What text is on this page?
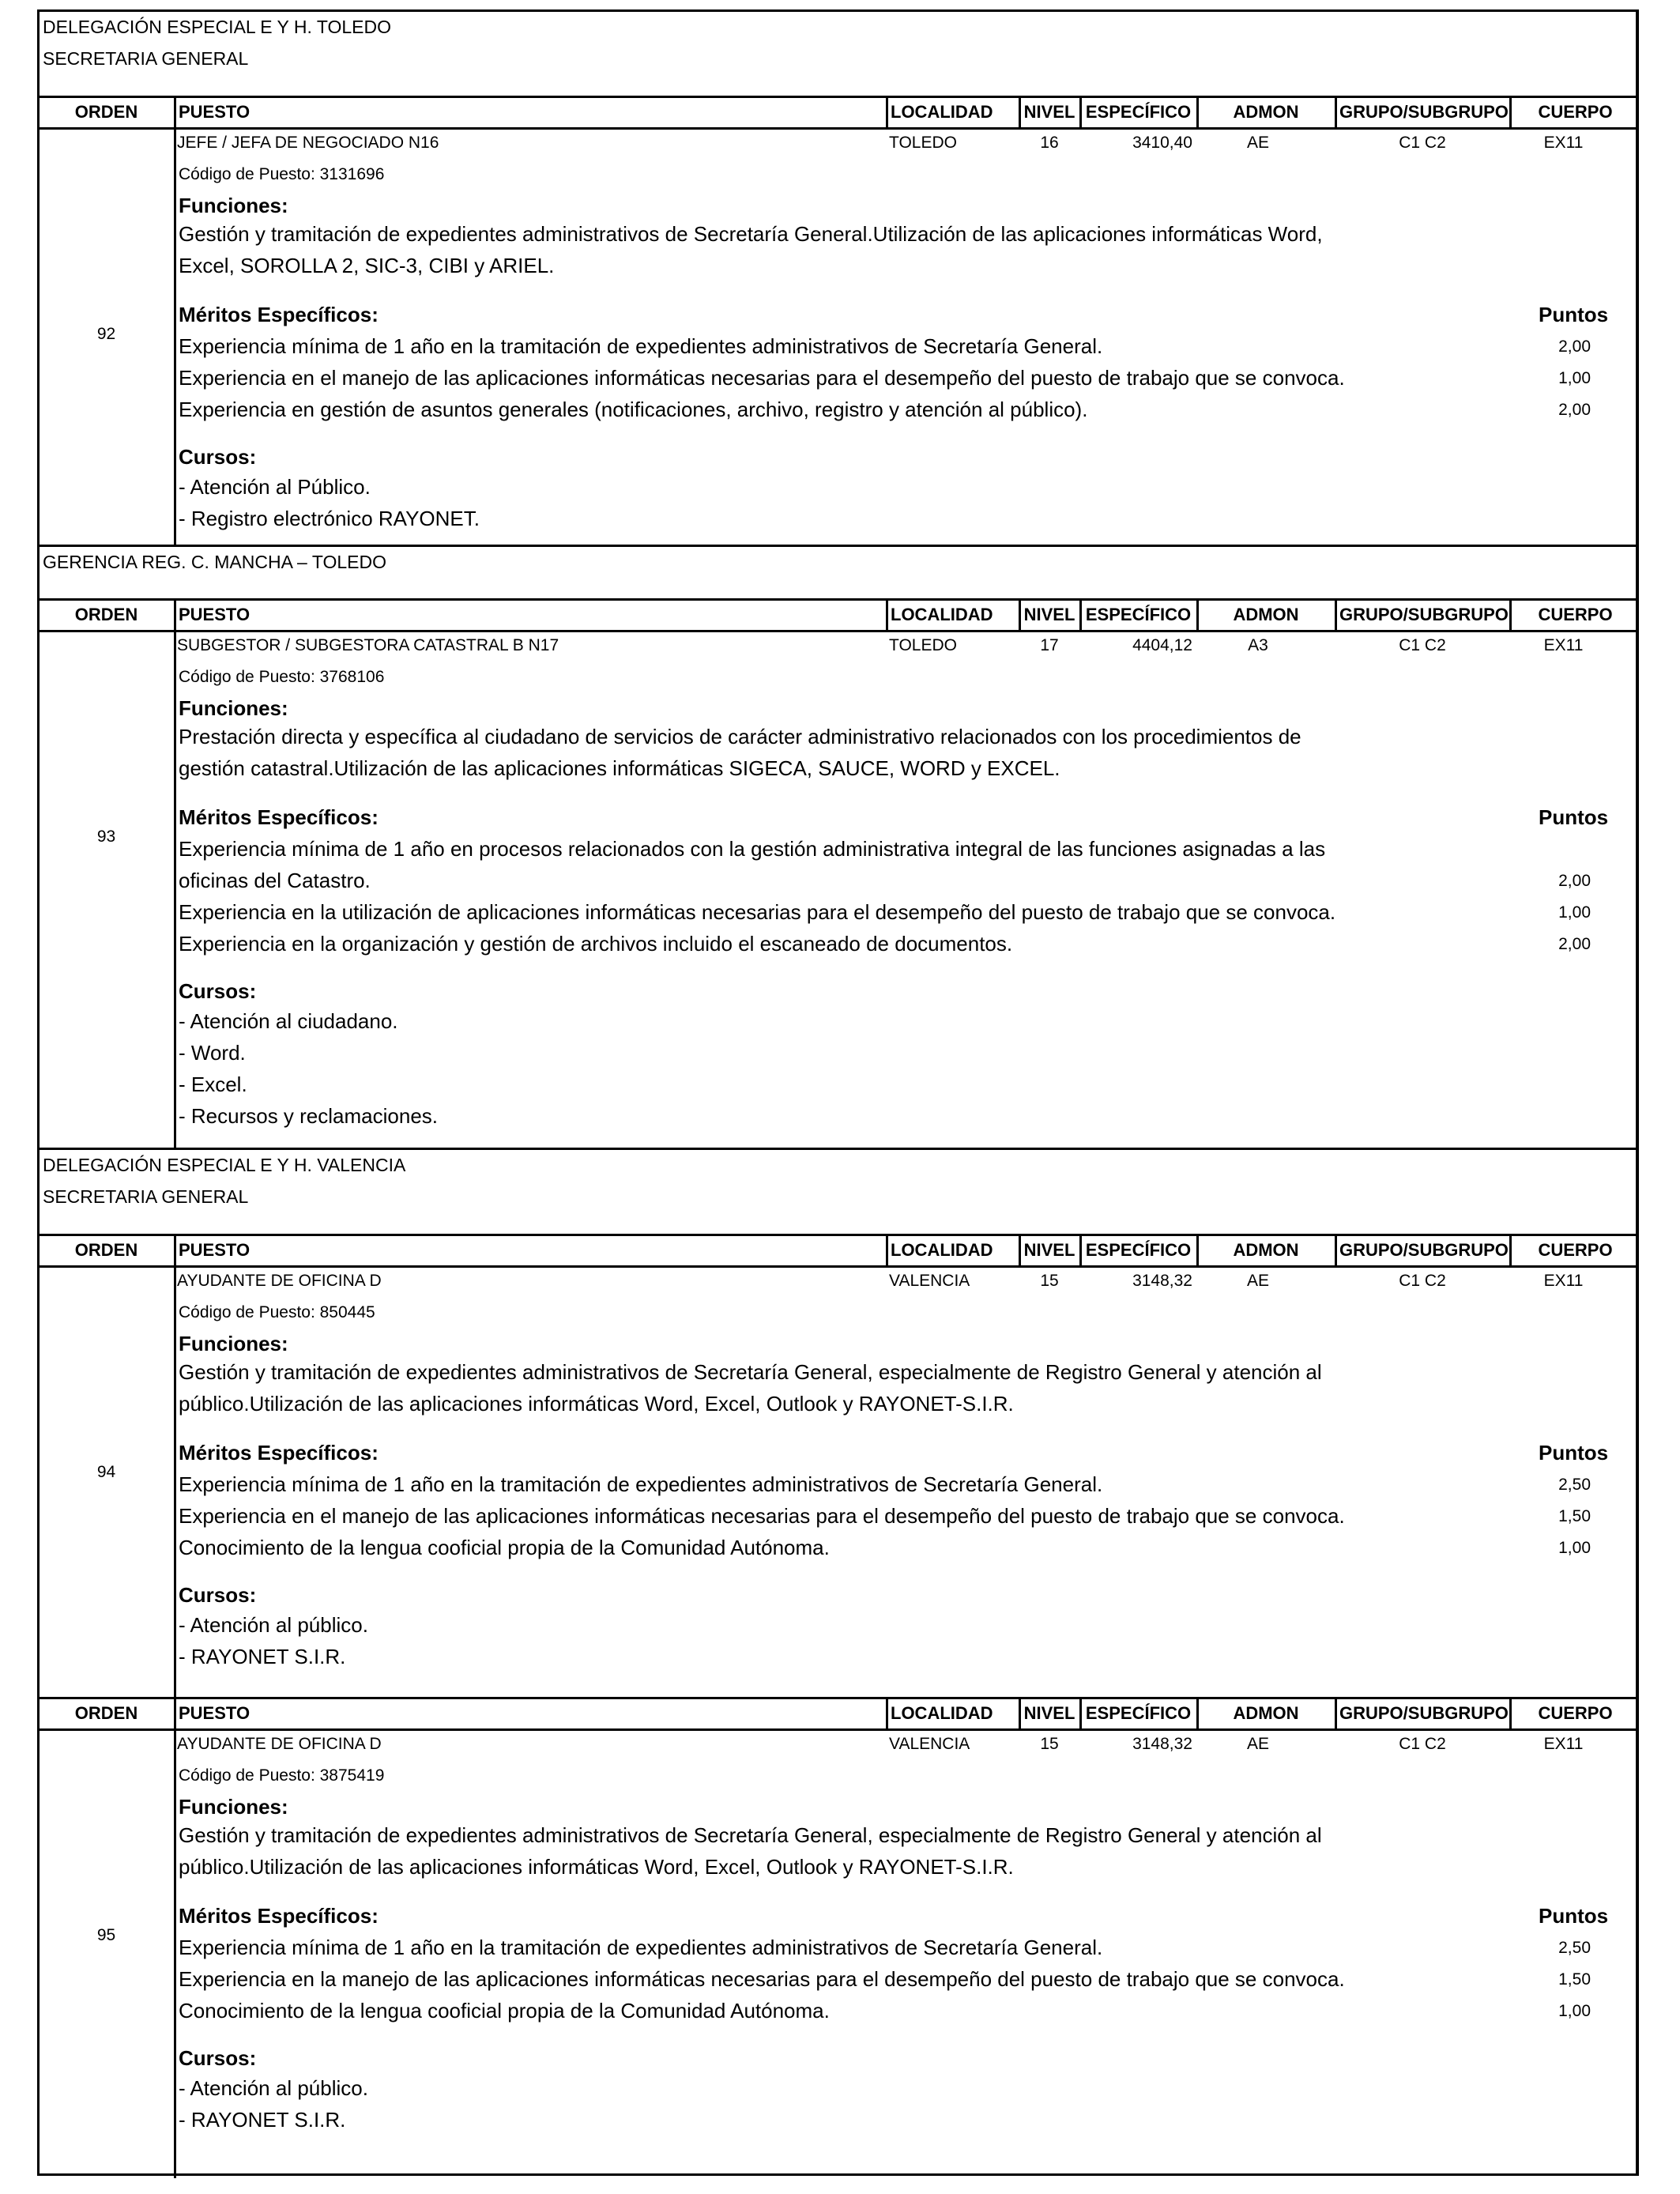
DELEGACIÓN ESPECIAL E Y H. TOLEDO
SECRETARIA GENERAL
ORDEN	PUESTO	LOCALIDAD	NIVEL ESPECÍFICO	ADMON	GRUPO/SUBGRUPO	CUERPO
JEFE / JEFA DE NEGOCIADO N16	TOLEDO	16	3410,40	AE	C1 C2	EX11
Código de Puesto: 3131696
Funciones:
Gestión y tramitación de expedientes administrativos de Secretaría General.Utilización de las aplicaciones informáticas Word,
Excel, SOROLLA 2, SIC-3, CIBI y ARIEL.
Méritos Específicos:	Puntos
92
Experiencia mínima de 1 año en la tramitación de expedientes administrativos de Secretaría General.	2,00
Experiencia en el manejo de las aplicaciones informáticas necesarias para el desempeño del puesto de trabajo que se convoca.	1,00
Experiencia en gestión de asuntos generales (notificaciones, archivo, registro y atención al público).	2,00
Cursos:
- Atención al Público.
- Registro electrónico RAYONET.
GERENCIA REG. C. MANCHA – TOLEDO
ORDEN	PUESTO	LOCALIDAD	NIVEL ESPECÍFICO	ADMON	GRUPO/SUBGRUPO	CUERPO
SUBGESTOR / SUBGESTORA CATASTRAL B N17	TOLEDO	17	4404,12	A3	C1 C2	EX11
Código de Puesto: 3768106
Funciones:
Prestación directa y específica al ciudadano de servicios de carácter administrativo relacionados con los procedimientos de
gestión catastral.Utilización de las aplicaciones informáticas SIGECA, SAUCE, WORD y EXCEL.
Méritos Específicos:	Puntos
93
Experiencia mínima de 1 año en procesos relacionados con la gestión administrativa integral de las funciones asignadas a las
oficinas del Catastro.	2,00
Experiencia en la utilización de aplicaciones informáticas necesarias para el desempeño del puesto de trabajo que se convoca.	1,00
Experiencia en la organización y gestión de archivos incluido el escaneado de documentos.	2,00
Cursos:
- Atención al ciudadano.
- Word.
- Excel.
- Recursos y reclamaciones.
DELEGACIÓN ESPECIAL E Y H. VALENCIA
SECRETARIA GENERAL
ORDEN	PUESTO	LOCALIDAD	NIVEL ESPECÍFICO	ADMON	GRUPO/SUBGRUPO	CUERPO
AYUDANTE DE OFICINA D	VALENCIA	15	3148,32	AE	C1 C2	EX11
Código de Puesto: 850445
Funciones:
Gestión y tramitación de expedientes administrativos de Secretaría General, especialmente de Registro General y atención al
público.Utilización de las aplicaciones informáticas Word, Excel, Outlook y RAYONET-S.I.R.
Méritos Específicos:	Puntos
94
Experiencia mínima de 1 año en la tramitación de expedientes administrativos de Secretaría General.	2,50
Experiencia en el manejo de las aplicaciones informáticas necesarias para el desempeño del puesto de trabajo que se convoca.	1,50
Conocimiento de la lengua cooficial propia de la Comunidad Autónoma.	1,00
Cursos:
- Atención al público.
- RAYONET S.I.R.
ORDEN	PUESTO	LOCALIDAD	NIVEL ESPECÍFICO	ADMON	GRUPO/SUBGRUPO	CUERPO
AYUDANTE DE OFICINA D	VALENCIA	15	3148,32	AE	C1 C2	EX11
Código de Puesto: 3875419
Funciones:
Gestión y tramitación de expedientes administrativos de Secretaría General, especialmente de Registro General y atención al
público.Utilización de las aplicaciones informáticas Word, Excel, Outlook y RAYONET-S.I.R.
Méritos Específicos:	Puntos
95
Experiencia mínima de 1 año en la tramitación de expedientes administrativos de Secretaría General.	2,50
Experiencia en la manejo de las aplicaciones informáticas necesarias para el desempeño del puesto de trabajo que se convoca.	1,50
Conocimiento de la lengua cooficial propia de la Comunidad Autónoma.	1,00
Cursos:
- Atención al público.
- RAYONET S.I.R.
